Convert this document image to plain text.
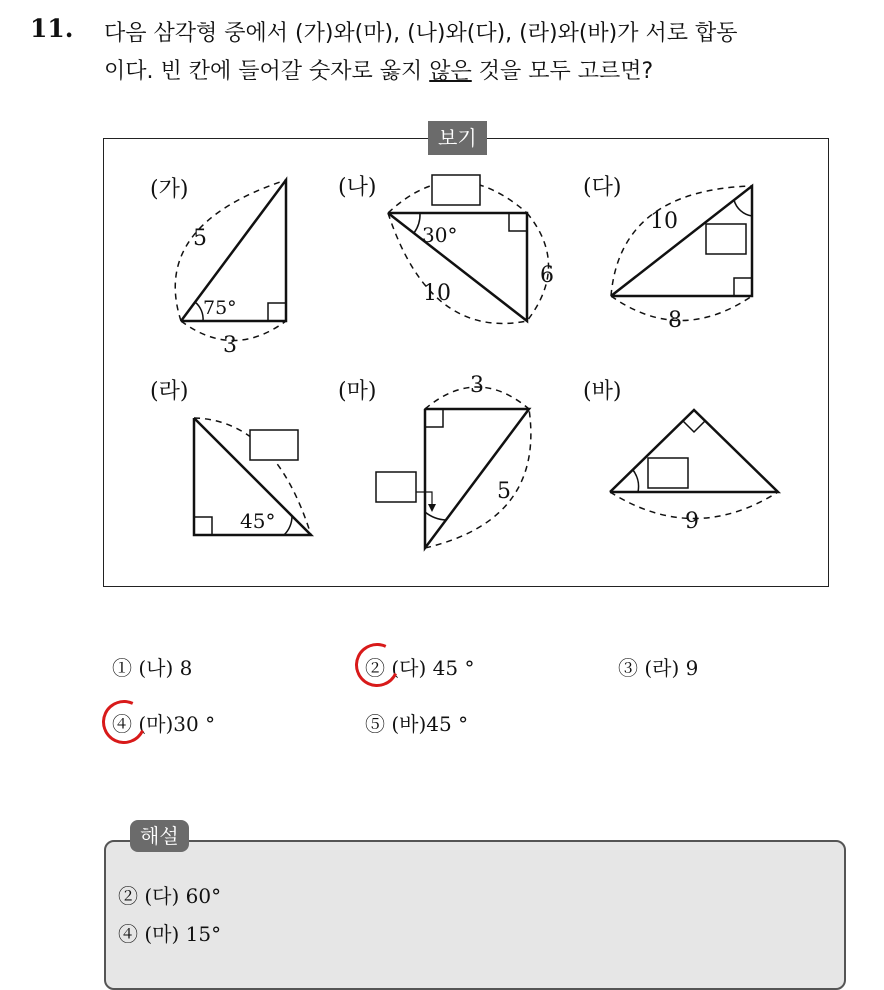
11. 다음 삼각형 중에서 (가)와(마), (나)와(다), (라)와(바)가 서로 합동
이다. 빈 칸에 들어갈 숫자로 옳지 않은 것을 모두 고르면?
보기
(가)
5
75°
3
(나)
30°
10
6
(다)
10
8
(라)
45°
(마)	3
5
(바)
9
① (나) 8	② (다) 45 °	③ (라) 9
④ (마)30 °	⑤ (바)45 °
해설
② (다) 60°
④ (마) 15°
